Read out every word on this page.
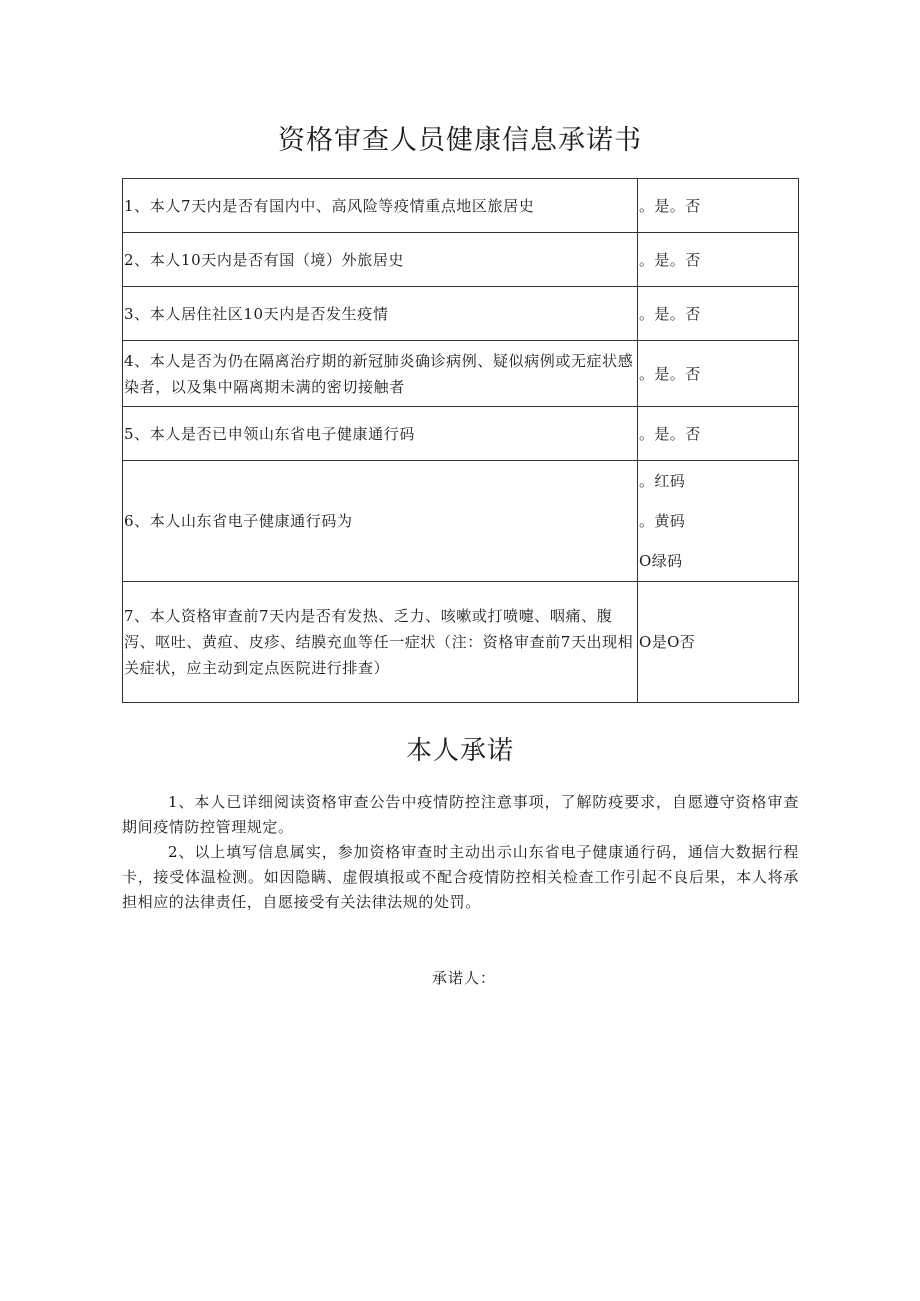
资格审查人员健康信息承诺书
1、本人7天内是否有国内中、高风险等疫情重点地区旅居史	。是。否
2、本人10天内是否有国（境）外旅居史	。是。否
3、本人居住社区10天内是否发生疫情	。是。否
4、本人是否为仍在隔离治疗期的新冠肺炎确诊病例、疑似病例或无症状感染者，以及集中隔离期未满的密切接触者	。是。否
5、本人是否已申领山东省电子健康通行码	。是。否
6、本人山东省电子健康通行码为	。红码
。黄码
O绿码

7、本人资格审查前7天内是否有发热、乏力、咳嗽或打喷嚏、咽痛、腹泻、呕吐、黄疸、皮疹、结膜充血等任一症状（注：资格审查前7天出现相关症状，应主动到定点医院进行排查）	O是O否
本人承诺

1、本人已详细阅读资格审查公告中疫情防控注意事项，了解防疫要求，自愿遵守资格审查期间疫情防控管理规定。

2、以上填写信息属实，参加资格审查时主动出示山东省电子健康通行码，通信大数据行程卡，接受体温检测。如因隐瞒、虚假填报或不配合疫情防控相关检查工作引起不良后果，本人将承担相应的法律责任，自愿接受有关法律法规的处罚。

承诺人：
